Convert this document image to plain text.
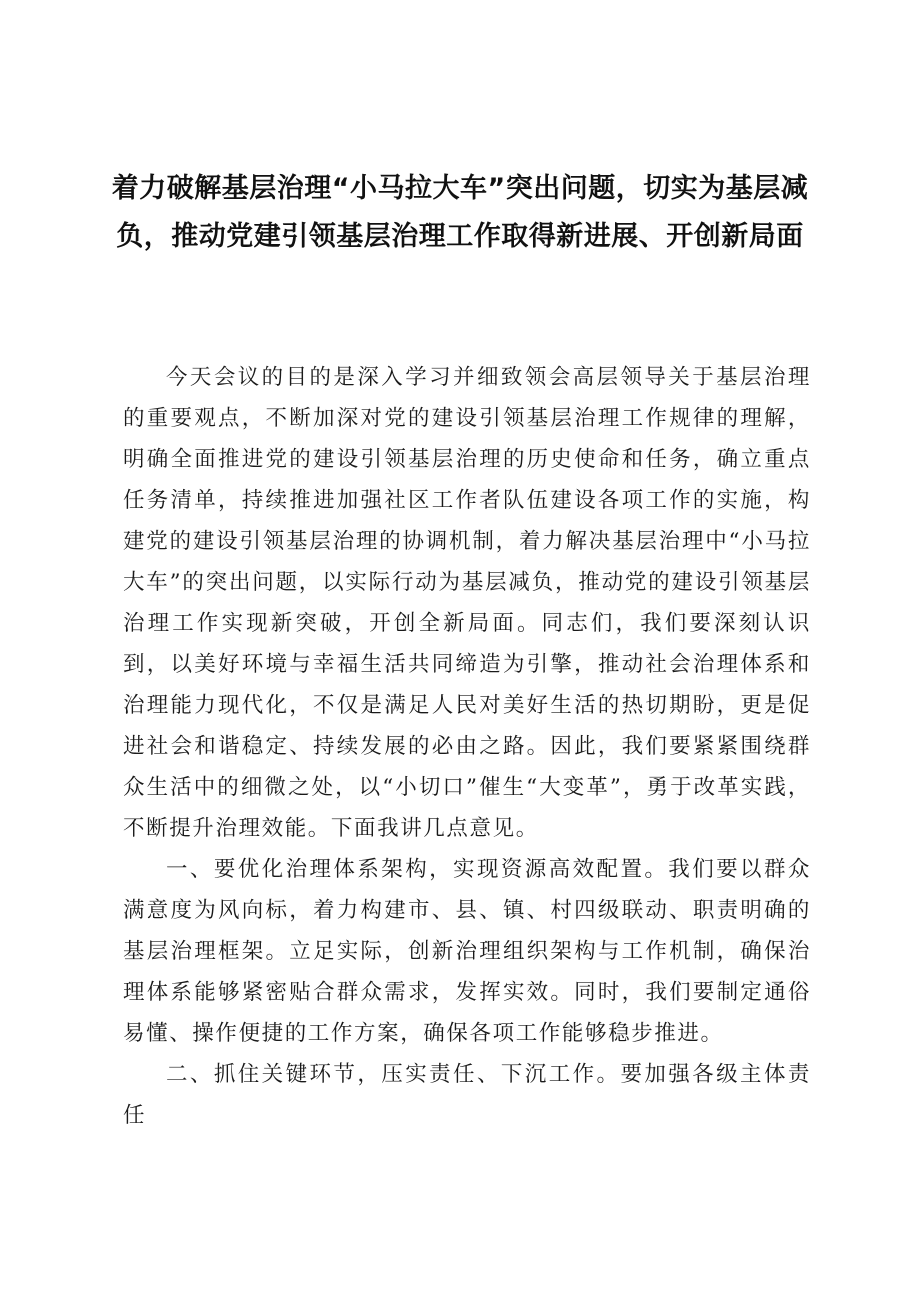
着力破解基层治理“小马拉大车”突出问题，切实为基层减负，推动党建引领基层治理工作取得新进展、开创新局面

今天会议的目的是深入学习并细致领会高层领导关于基层治理的重要观点，不断加深对党的建设引领基层治理工作规律的理解，明确全面推进党的建设引领基层治理的历史使命和任务，确立重点任务清单，持续推进加强社区工作者队伍建设各项工作的实施，构建党的建设引领基层治理的协调机制，着力解决基层治理中“小马拉大车”的突出问题，以实际行动为基层减负，推动党的建设引领基层治理工作实现新突破，开创全新局面。同志们，我们要深刻认识到，以美好环境与幸福生活共同缔造为引擎，推动社会治理体系和治理能力现代化，不仅是满足人民对美好生活的热切期盼，更是促进社会和谐稳定、持续发展的必由之路。因此，我们要紧紧围绕群众生活中的细微之处，以“小切口”催生“大变革”，勇于改革实践，不断提升治理效能。下面我讲几点意见。

一、要优化治理体系架构，实现资源高效配置。我们要以群众满意度为风向标，着力构建市、县、镇、村四级联动、职责明确的基层治理框架。立足实际，创新治理组织架构与工作机制，确保治理体系能够紧密贴合群众需求，发挥实效。同时，我们要制定通俗易懂、操作便捷的工作方案，确保各项工作能够稳步推进。

二、抓住关键环节，压实责任、下沉工作。要加强各级主体责任
